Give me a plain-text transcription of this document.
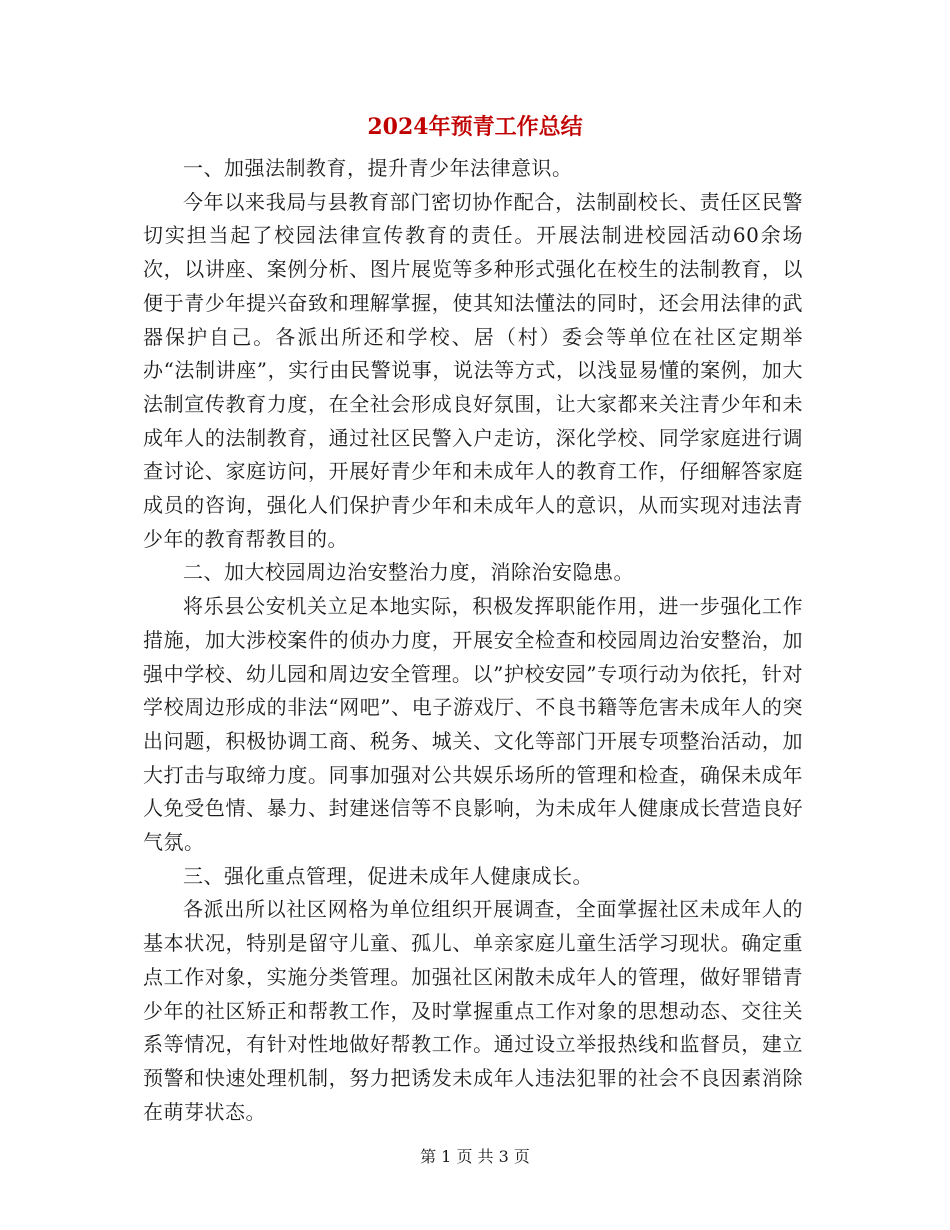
2024年预青工作总结

一、加强法制教育，提升青少年法律意识。

今年以来我局与县教育部门密切协作配合，法制副校长、责任区民警切实担当起了校园法律宣传教育的责任。开展法制进校园活动60余场次，以讲座、案例分析、图片展览等多种形式强化在校生的法制教育，以便于青少年提兴奋致和理解掌握，使其知法懂法的同时，还会用法律的武器保护自己。各派出所还和学校、居（村）委会等单位在社区定期举办“法制讲座”，实行由民警说事，说法等方式，以浅显易懂的案例，加大法制宣传教育力度，在全社会形成良好氛围，让大家都来关注青少年和未成年人的法制教育，通过社区民警入户走访，深化学校、同学家庭进行调查讨论、家庭访问，开展好青少年和未成年人的教育工作，仔细解答家庭成员的咨询，强化人们保护青少年和未成年人的意识，从而实现对违法青少年的教育帮教目的。

二、加大校园周边治安整治力度，消除治安隐患。

将乐县公安机关立足本地实际，积极发挥职能作用，进一步强化工作措施，加大涉校案件的侦办力度，开展安全检查和校园周边治安整治，加强中学校、幼儿园和周边安全管理。以”护校安园”专项行动为依托，针对学校周边形成的非法“网吧”、电子游戏厅、不良书籍等危害未成年人的突出问题，积极协调工商、税务、城关、文化等部门开展专项整治活动，加大打击与取缔力度。同事加强对公共娱乐场所的管理和检查，确保未成年人免受色情、暴力、封建迷信等不良影响，为未成年人健康成长营造良好气氛。

三、强化重点管理，促进未成年人健康成长。

各派出所以社区网格为单位组织开展调查，全面掌握社区未成年人的基本状况，特别是留守儿童、孤儿、单亲家庭儿童生活学习现状。确定重点工作对象，实施分类管理。加强社区闲散未成年人的管理，做好罪错青少年的社区矫正和帮教工作，及时掌握重点工作对象的思想动态、交往关系等情况，有针对性地做好帮教工作。通过设立举报热线和监督员，建立预警和快速处理机制，努力把诱发未成年人违法犯罪的社会不良因素消除在萌芽状态。

第 1 页 共 3 页
